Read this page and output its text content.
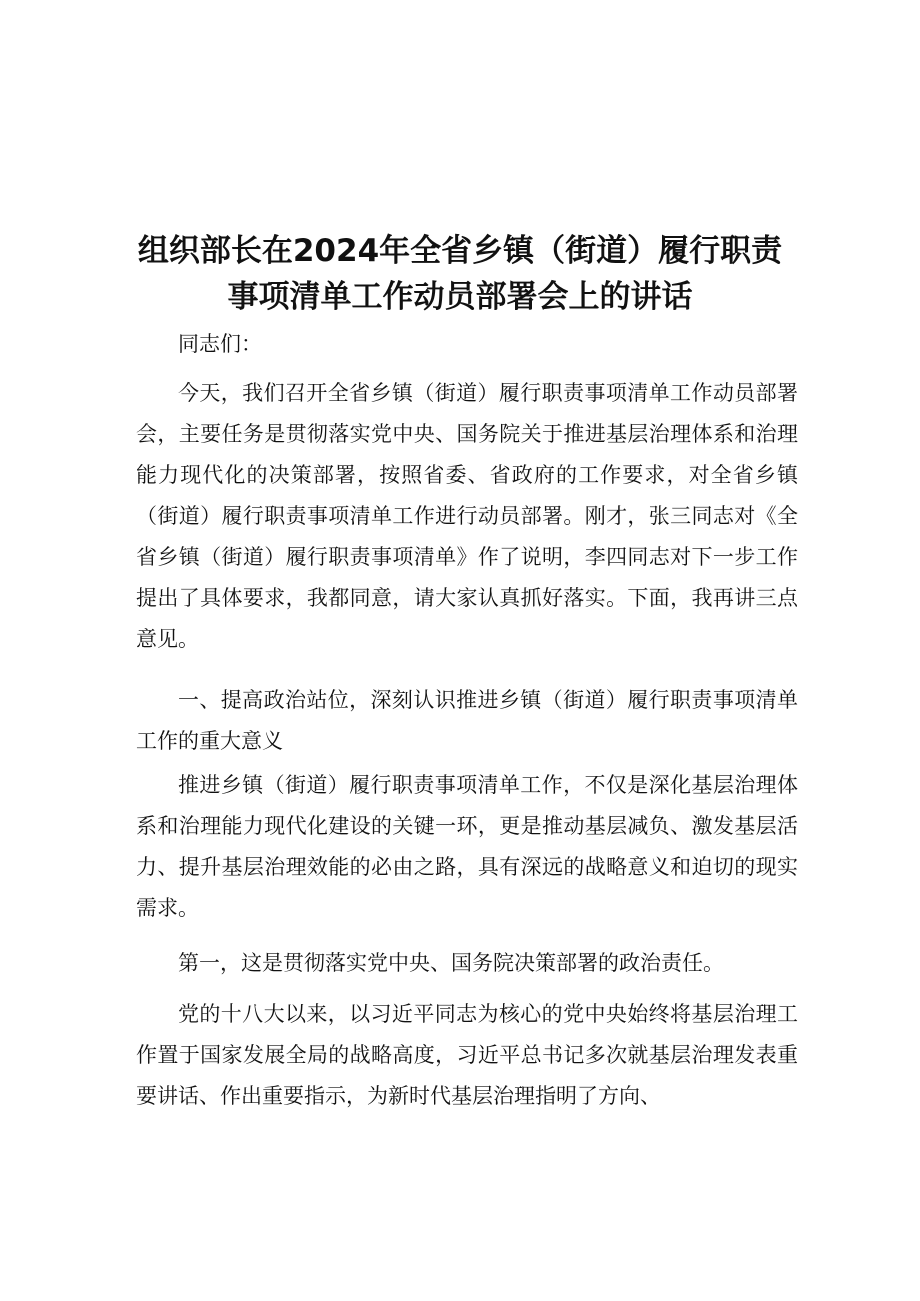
组织部长在2024年全省乡镇（街道）履行职责
事项清单工作动员部署会上的讲话

同志们：

今天，我们召开全省乡镇（街道）履行职责事项清单工作动员部署会，主要任务是贯彻落实党中央、国务院关于推进基层治理体系和治理能力现代化的决策部署，按照省委、省政府的工作要求，对全省乡镇（街道）履行职责事项清单工作进行动员部署。刚才，张三同志对《全省乡镇（街道）履行职责事项清单》作了说明，李四同志对下一步工作提出了具体要求，我都同意，请大家认真抓好落实。下面，我再讲三点意见。

一、提高政治站位，深刻认识推进乡镇（街道）履行职责事项清单工作的重大意义

推进乡镇（街道）履行职责事项清单工作，不仅是深化基层治理体系和治理能力现代化建设的关键一环，更是推动基层减负、激发基层活力、提升基层治理效能的必由之路，具有深远的战略意义和迫切的现实需求。

第一，这是贯彻落实党中央、国务院决策部署的政治责任。

党的十八大以来，以习近平同志为核心的党中央始终将基层治理工作置于国家发展全局的战略高度，习近平总书记多次就基层治理发表重要讲话、作出重要指示，为新时代基层治理指明了方向、
